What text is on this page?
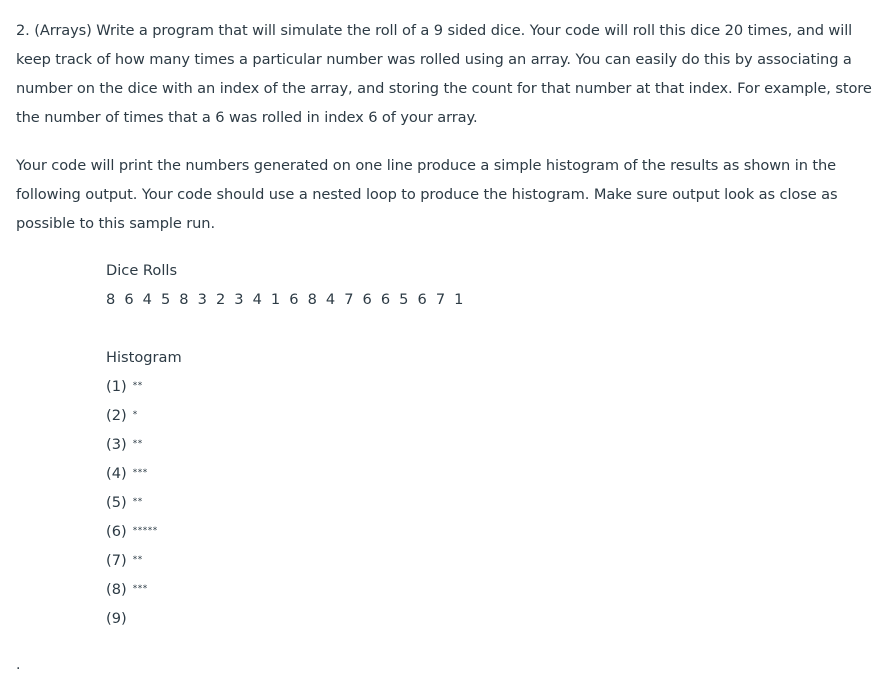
2. (Arrays) Write a program that will simulate the roll of a 9 sided dice. Your code will roll this dice 20 times, and will keep track of how many times a particular number was rolled using an array. You can easily do this by associating a number on the dice with an index of the array, and storing the count for that number at that index. For example, store the number of times that a 6 was rolled in index 6 of your array.

Your code will print the numbers generated on one line produce a simple histogram of the results as shown in the following output. Your code should use a nested loop to produce the histogram. Make sure output look as close as possible to this sample run.

Dice Rolls
8 6 4 5 8 3 2 3 4 1 6 8 4 7 6 6 5 6 7 1
Histogram
(1) **
(2) *
(3) **
(4) ***
(5) **
(6) *****
(7) **
(8) ***
(9)
.
